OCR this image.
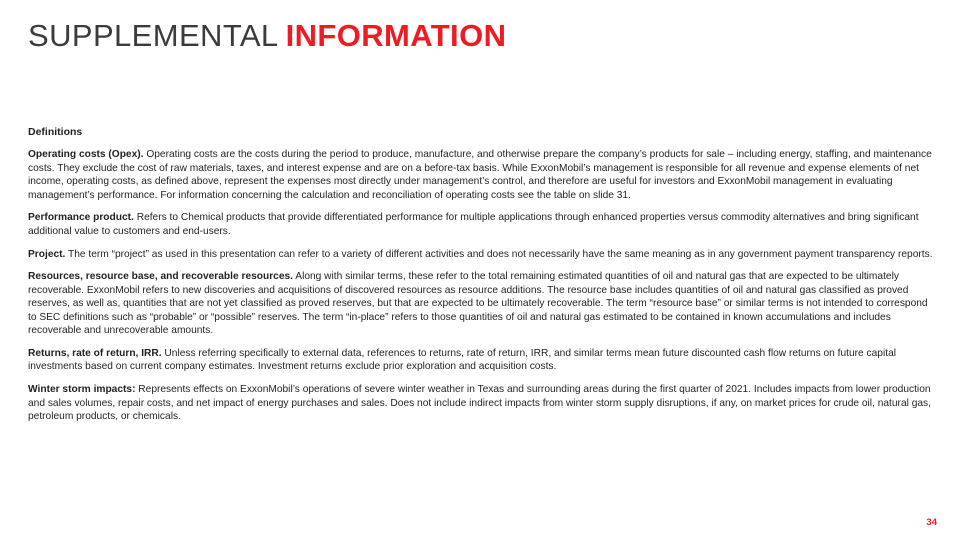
SUPPLEMENTAL INFORMATION
Definitions
Operating costs (Opex). Operating costs are the costs during the period to produce, manufacture, and otherwise prepare the company’s products for sale – including energy, staffing, and maintenance costs. They exclude the cost of raw materials, taxes, and interest expense and are on a before-tax basis. While ExxonMobil’s management is responsible for all revenue and expense elements of net income, operating costs, as defined above, represent the expenses most directly under management’s control, and therefore are useful for investors and ExxonMobil management in evaluating management’s performance. For information concerning the calculation and reconciliation of operating costs see the table on slide 31.
Performance product. Refers to Chemical products that provide differentiated performance for multiple applications through enhanced properties versus commodity alternatives and bring significant additional value to customers and end-users.
Project. The term “project” as used in this presentation can refer to a variety of different activities and does not necessarily have the same meaning as in any government payment transparency reports.
Resources, resource base, and recoverable resources. Along with similar terms, these refer to the total remaining estimated quantities of oil and natural gas that are expected to be ultimately recoverable. ExxonMobil refers to new discoveries and acquisitions of discovered resources as resource additions. The resource base includes quantities of oil and natural gas classified as proved reserves, as well as, quantities that are not yet classified as proved reserves, but that are expected to be ultimately recoverable. The term “resource base” or similar terms is not intended to correspond to SEC definitions such as “probable” or “possible” reserves. The term “in-place” refers to those quantities of oil and natural gas estimated to be contained in known accumulations and includes recoverable and unrecoverable amounts.
Returns, rate of return, IRR. Unless referring specifically to external data, references to returns, rate of return, IRR, and similar terms mean future discounted cash flow returns on future capital investments based on current company estimates. Investment returns exclude prior exploration and acquisition costs.
Winter storm impacts: Represents effects on ExxonMobil’s operations of severe winter weather in Texas and surrounding areas during the first quarter of 2021. Includes impacts from lower production and sales volumes, repair costs, and net impact of energy purchases and sales. Does not include indirect impacts from winter storm supply disruptions, if any, on market prices for crude oil, natural gas, petroleum products, or chemicals.
34
